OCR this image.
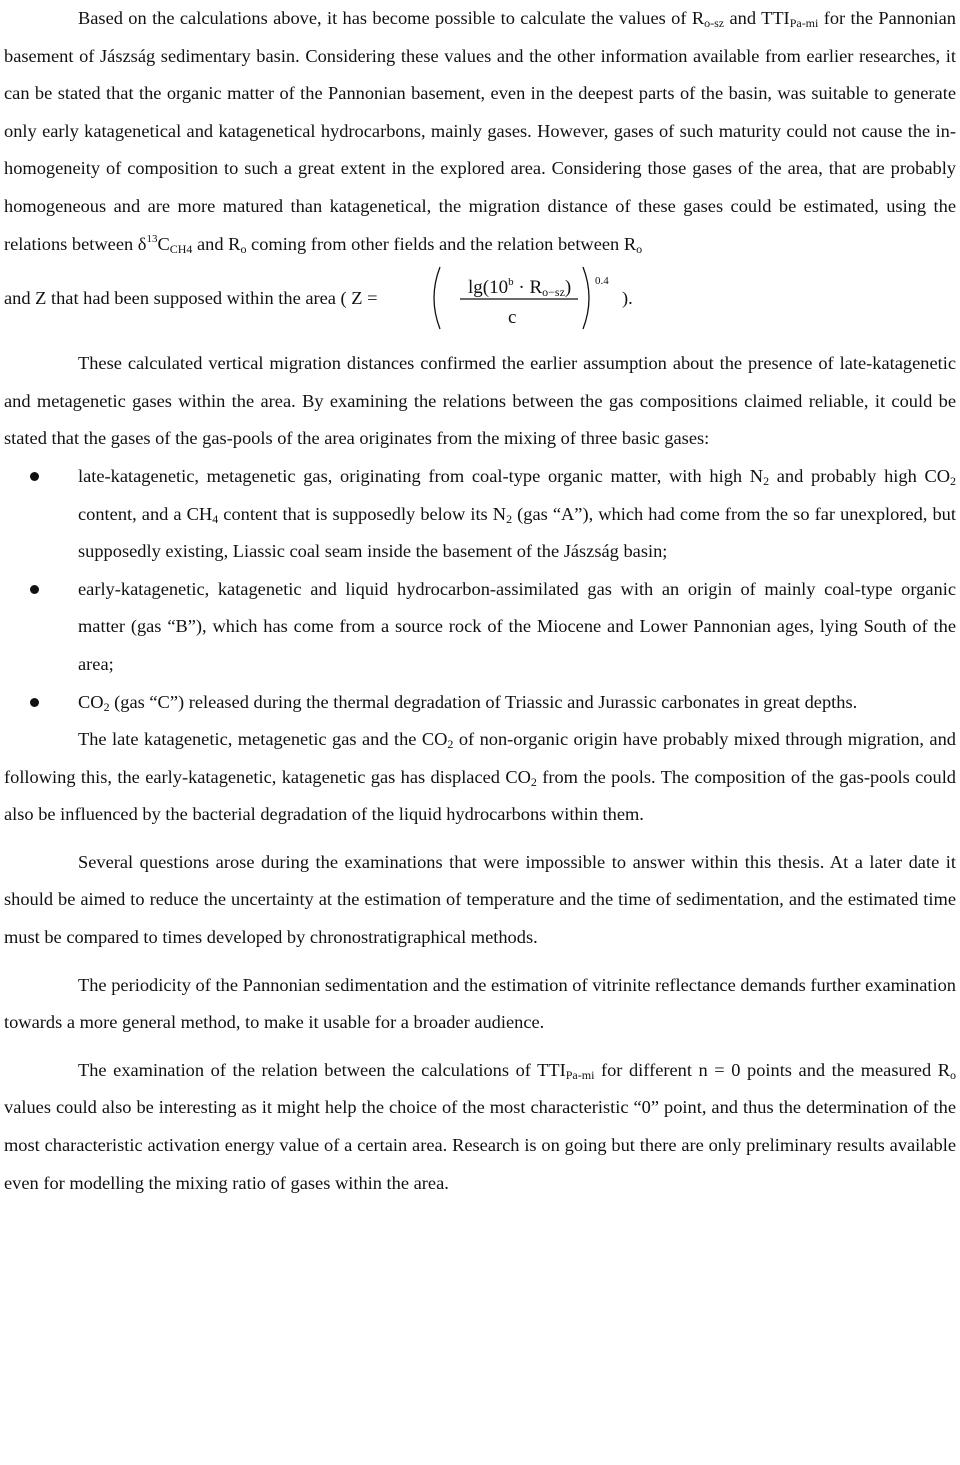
Based on the calculations above, it has become possible to calculate the values of $R_{o-sz}$ and $TTI_{Pa-mi}$ for the Pannonian basement of Jászság sedimentary basin. Considering these values and the other information available from earlier researches, it can be stated that the organic matter of the Pannonian basement, even in the deepest parts of the basin, was suitable to generate only early katagenetical and katagenetical hydrocarbons, mainly gases. However, gases of such maturity could not cause the in-homogeneity of composition to such a great extent in the explored area. Considering those gases of the area, that are probably homogeneous and are more matured than katagenetical, the migration distance of these gases could be estimated, using the relations between $\delta^{13}C_{CH4}$ and $R_o$ coming from other fields and the relation between $R_o$

and Z that had been supposed within the area ( Z =	$\lg(10^b \cdot R_{o-sz})$
c
0.4
).

These calculated vertical migration distances confirmed the earlier assumption about the presence of late-katagenetic and metagenetic gases within the area. By examining the relations between the gas compositions claimed reliable, it could be stated that the gases of the gas-pools of the area originates from the mixing of three basic gases:

late-katagenetic, metagenetic gas, originating from coal-type organic matter, with high $N_2$ and probably high $CO_2$ content, and a $CH_4$ content that is supposedly below its $N_2$ (gas “A”), which had come from the so far unexplored, but supposedly existing, Liassic coal seam inside the basement of the Jászság basin;
early-katagenetic, katagenetic and liquid hydrocarbon-assimilated gas with an origin of mainly coal-type organic matter (gas “B”), which has come from a source rock of the Miocene and Lower Pannonian ages, lying South of the area;
$CO_2$ (gas “C”) released during the thermal degradation of Triassic and Jurassic carbonates in great depths.

The late katagenetic, metagenetic gas and the $CO_2$ of non-organic origin have probably mixed through migration, and following this, the early-katagenetic, katagenetic gas has displaced $CO_2$ from the pools. The composition of the gas-pools could also be influenced by the bacterial degradation of the liquid hydrocarbons within them.

Several questions arose during the examinations that were impossible to answer within this thesis. At a later date it should be aimed to reduce the uncertainty at the estimation of temperature and the time of sedimentation, and the estimated time must be compared to times developed by chronostratigraphical methods.

The periodicity of the Pannonian sedimentation and the estimation of vitrinite reflectance demands further examination towards a more general method, to make it usable for a broader audience.

The examination of the relation between the calculations of $TTI_{Pa-mi}$ for different n = 0 points and the measured $R_o$ values could also be interesting as it might help the choice of the most characteristic “0” point, and thus the determination of the most characteristic activation energy value of a certain area. Research is on going but there are only preliminary results available even for modelling the mixing ratio of gases within the area.
